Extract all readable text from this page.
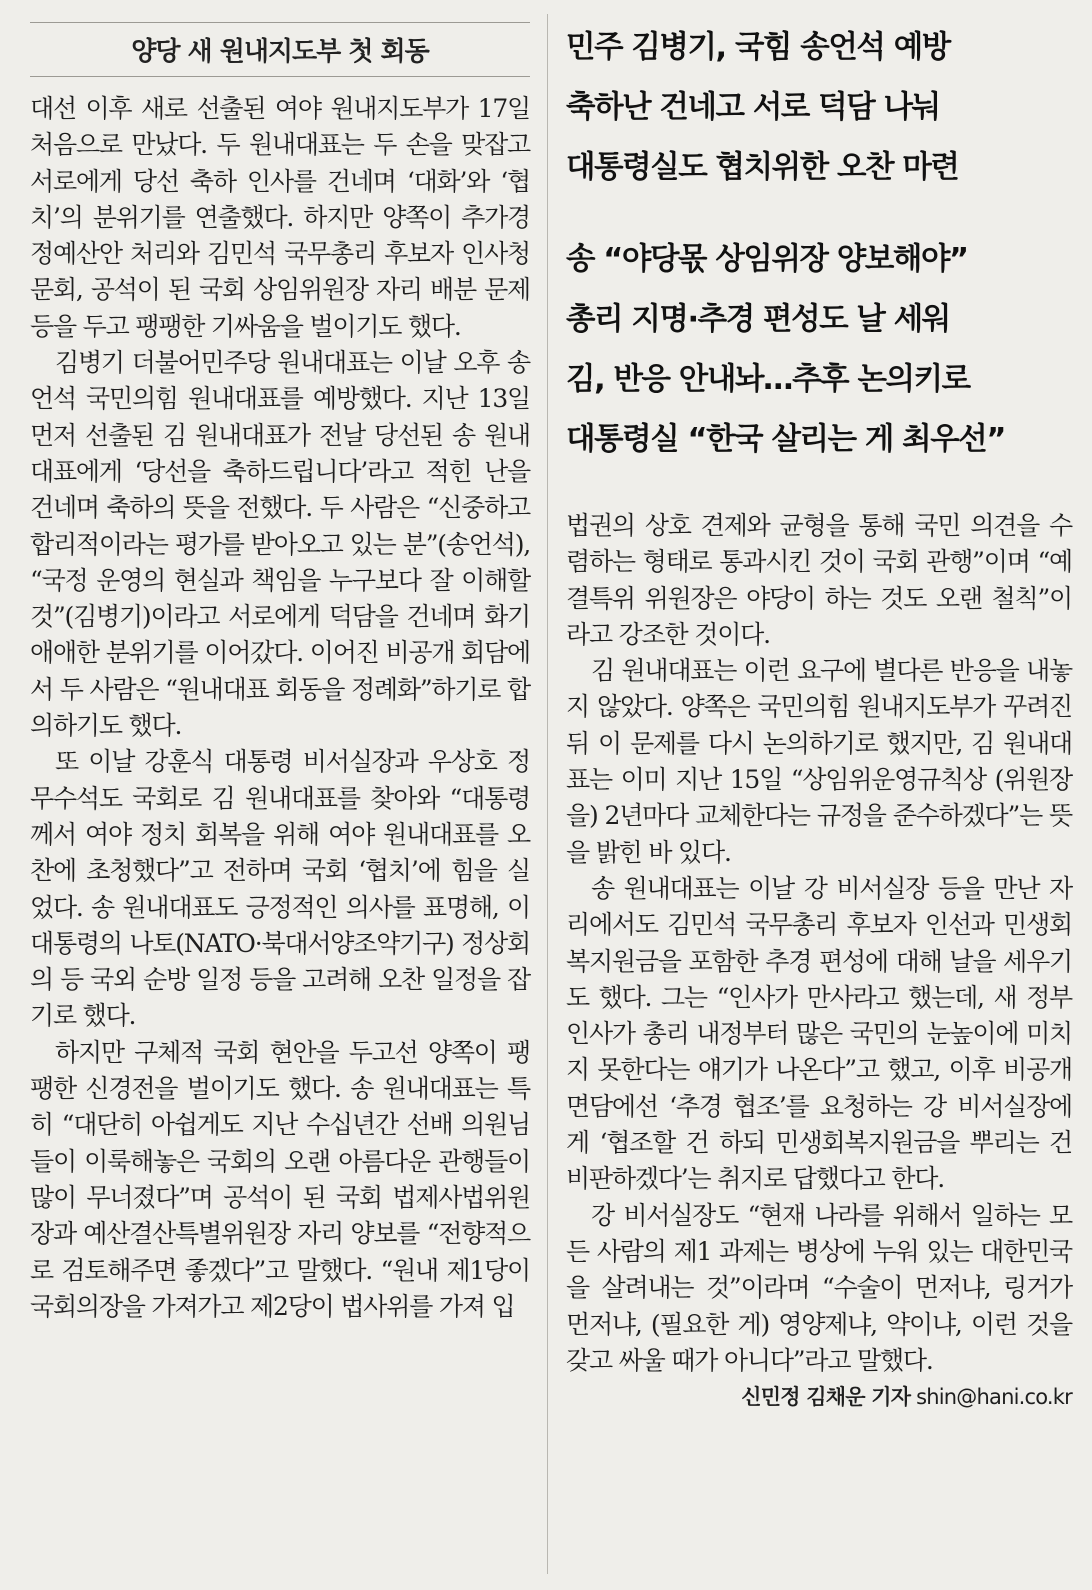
양당 새 원내지도부 첫 회동

대선 이후 새로 선출된 여야 원내지도부가 17일 처음으로 만났다. 두 원내대표는 두 손을 맞잡고 서로에게 당선 축하 인사를 건네며 ‘대화’와 ‘협치’의 분위기를 연출했다. 하지만 양쪽이 추가경정예산안 처리와 김민석 국무총리 후보자 인사청문회, 공석이 된 국회 상임위원장 자리 배분 문제 등을 두고 팽팽한 기싸움을 벌이기도 했다.

김병기 더불어민주당 원내대표는 이날 오후 송언석 국민의힘 원내대표를 예방했다. 지난 13일 먼저 선출된 김 원내대표가 전날 당선된 송 원내대표에게 ‘당선을 축하드립니다’라고 적힌 난을 건네며 축하의 뜻을 전했다. 두 사람은 “신중하고 합리적이라는 평가를 받아오고 있는 분”(송언석), “국정 운영의 현실과 책임을 누구보다 잘 이해할 것”(김병기)이라고 서로에게 덕담을 건네며 화기애애한 분위기를 이어갔다. 이어진 비공개 회담에서 두 사람은 “원내대표 회동을 정례화”하기로 합의하기도 했다.

또 이날 강훈식 대통령 비서실장과 우상호 정무수석도 국회로 김 원내대표를 찾아와 “대통령께서 여야 정치 회복을 위해 여야 원내대표를 오찬에 초청했다”고 전하며 국회 ‘협치’에 힘을 실었다. 송 원내대표도 긍정적인 의사를 표명해, 이 대통령의 나토(NATO·북대서양조약기구) 정상회의 등 국외 순방 일정 등을 고려해 오찬 일정을 잡기로 했다.

하지만 구체적 국회 현안을 두고선 양쪽이 팽팽한 신경전을 벌이기도 했다. 송 원내대표는 특히 “대단히 아쉽게도 지난 수십년간 선배 의원님들이 이룩해놓은 국회의 오랜 아름다운 관행들이 많이 무너졌다”며 공석이 된 국회 법제사법위원장과 예산결산특별위원장 자리 양보를 “전향적으로 검토해주면 좋겠다”고 말했다. “원내 제1당이 국회의장을 가져가고 제2당이 법사위를 가져 입

민주 김병기, 국힘 송언석 예방
축하난 건네고 서로 덕담 나눠
대통령실도 협치위한 오찬 마련
송 “야당몫 상임위장 양보해야”
총리 지명·추경 편성도 날 세워
김, 반응 안내놔…추후 논의키로
대통령실 “한국 살리는 게 최우선”

법권의 상호 견제와 균형을 통해 국민 의견을 수렴하는 형태로 통과시킨 것이 국회 관행”이며 “예결특위 위원장은 야당이 하는 것도 오랜 철칙”이라고 강조한 것이다.

김 원내대표는 이런 요구에 별다른 반응을 내놓지 않았다. 양쪽은 국민의힘 원내지도부가 꾸려진 뒤 이 문제를 다시 논의하기로 했지만, 김 원내대표는 이미 지난 15일 “상임위운영규칙상 (위원장을) 2년마다 교체한다는 규정을 준수하겠다”는 뜻을 밝힌 바 있다.

송 원내대표는 이날 강 비서실장 등을 만난 자리에서도 김민석 국무총리 후보자 인선과 민생회복지원금을 포함한 추경 편성에 대해 날을 세우기도 했다. 그는 “인사가 만사라고 했는데, 새 정부 인사가 총리 내정부터 많은 국민의 눈높이에 미치지 못한다는 얘기가 나온다”고 했고, 이후 비공개 면담에선 ‘추경 협조’를 요청하는 강 비서실장에게 ‘협조할 건 하되 민생회복지원금을 뿌리는 건 비판하겠다’는 취지로 답했다고 한다.

강 비서실장도 “현재 나라를 위해서 일하는 모든 사람의 제1 과제는 병상에 누워 있는 대한민국을 살려내는 것”이라며 “수술이 먼저냐, 링거가 먼저냐, (필요한 게) 영양제냐, 약이냐, 이런 것을 갖고 싸울 때가 아니다”라고 말했다.

신민정 김채운 기자 shin@hani.co.kr
